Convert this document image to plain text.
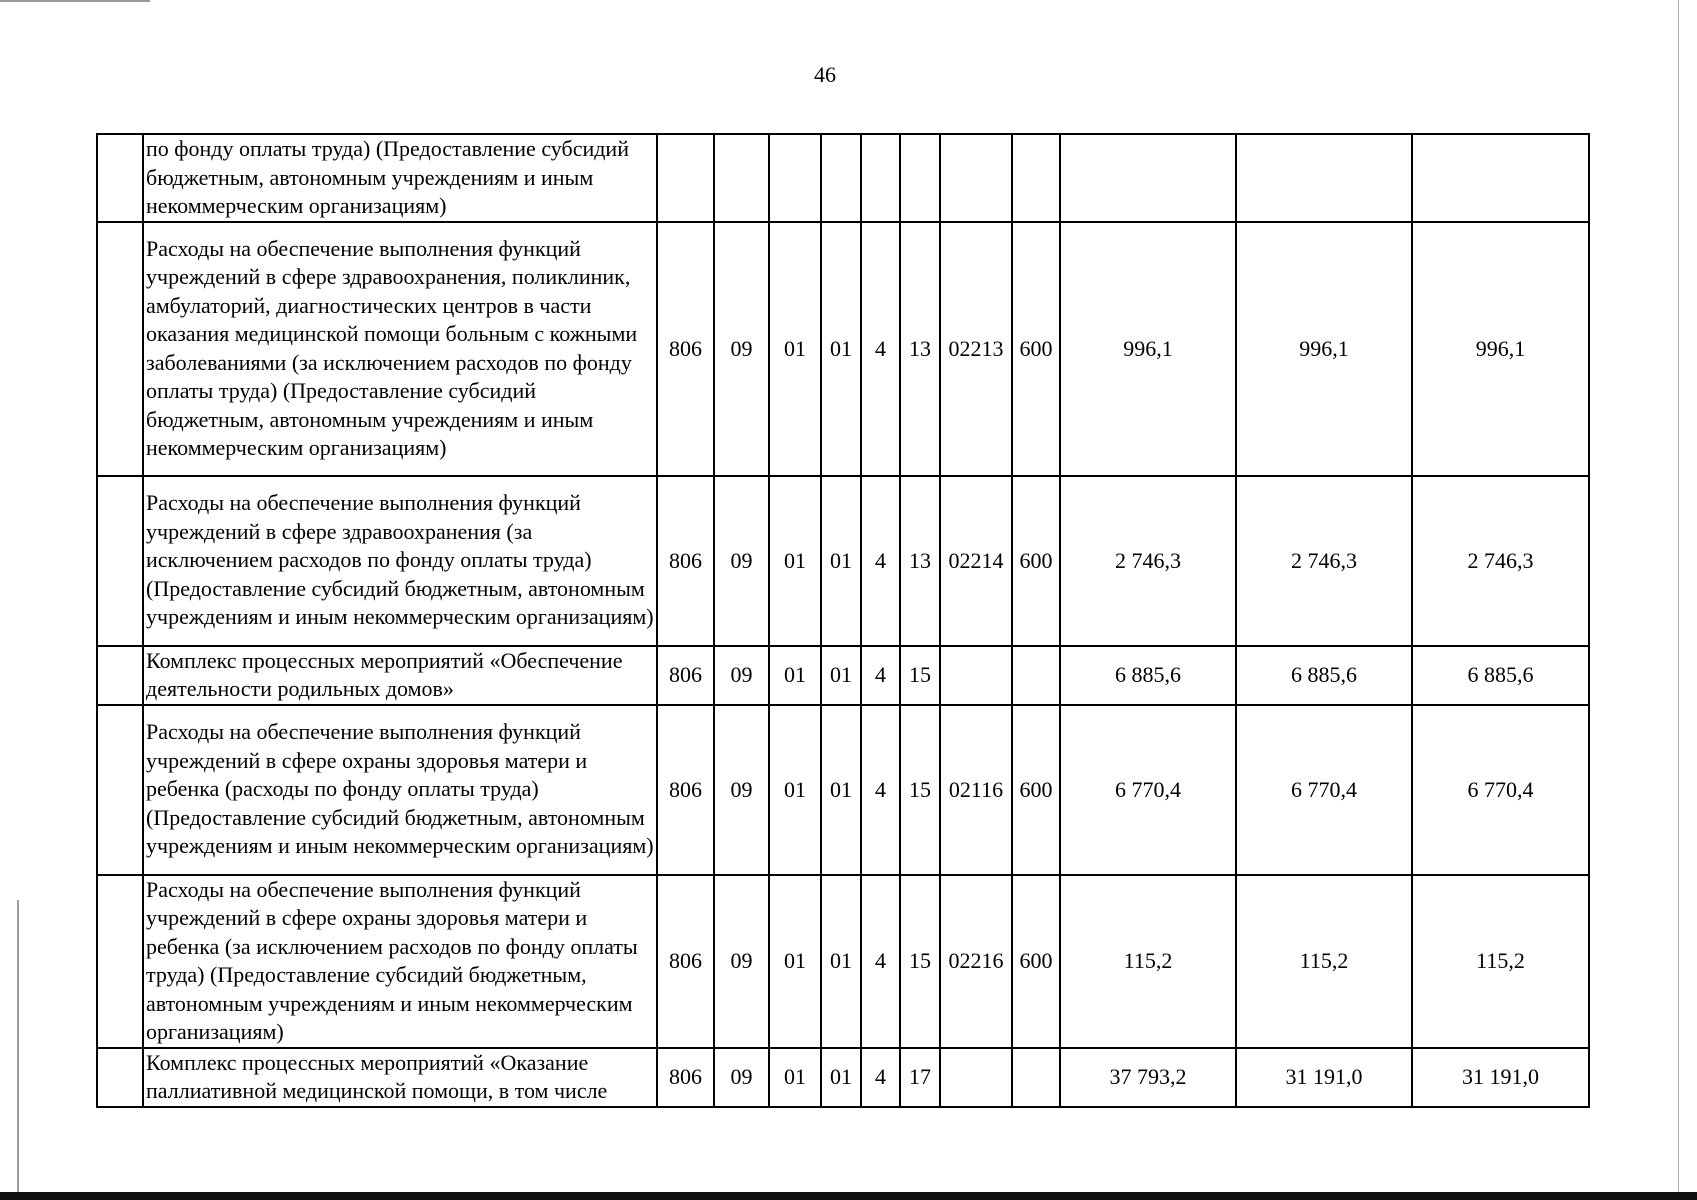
46
	по фонду оплаты труда) (Предоставление субсидий бюджетным, автономным учреждениям и иным некоммерческим организациям)											
	Расходы на обеспечение выполнения функций учреждений в сфере здравоохранения, поликлиник, амбулаторий, диагностических центров в части оказания медицинской помощи больным с кожными заболеваниями (за исключением расходов по фонду оплаты труда) (Предоставление субсидий бюджетным, автономным учреждениям и иным некоммерческим организациям)	806	09	01	01	4	13	02213	600	996,1	996,1	996,1
	Расходы на обеспечение выполнения функций учреждений в сфере здравоохранения (за исключением расходов по фонду оплаты труда) (Предоставление субсидий бюджетным, автономным учреждениям и иным некоммерческим организациям)	806	09	01	01	4	13	02214	600	2 746,3	2 746,3	2 746,3
	Комплекс процессных мероприятий «Обеспечение деятельности родильных домов»	806	09	01	01	4	15			6 885,6	6 885,6	6 885,6
	Расходы на обеспечение выполнения функций учреждений в сфере охраны здоровья матери и ребенка (расходы по фонду оплаты труда) (Предоставление субсидий бюджетным, автономным учреждениям и иным некоммерческим организациям)	806	09	01	01	4	15	02116	600	6 770,4	6 770,4	6 770,4
	Расходы на обеспечение выполнения функций учреждений в сфере охраны здоровья матери и ребенка (за исключением расходов по фонду оплаты труда) (Предоставление субсидий бюджетным, автономным учреждениям и иным некоммерческим организациям)	806	09	01	01	4	15	02216	600	115,2	115,2	115,2
	Комплекс процессных мероприятий «Оказание паллиативной медицинской помощи, в том числе	806	09	01	01	4	17			37 793,2	31 191,0	31 191,0
